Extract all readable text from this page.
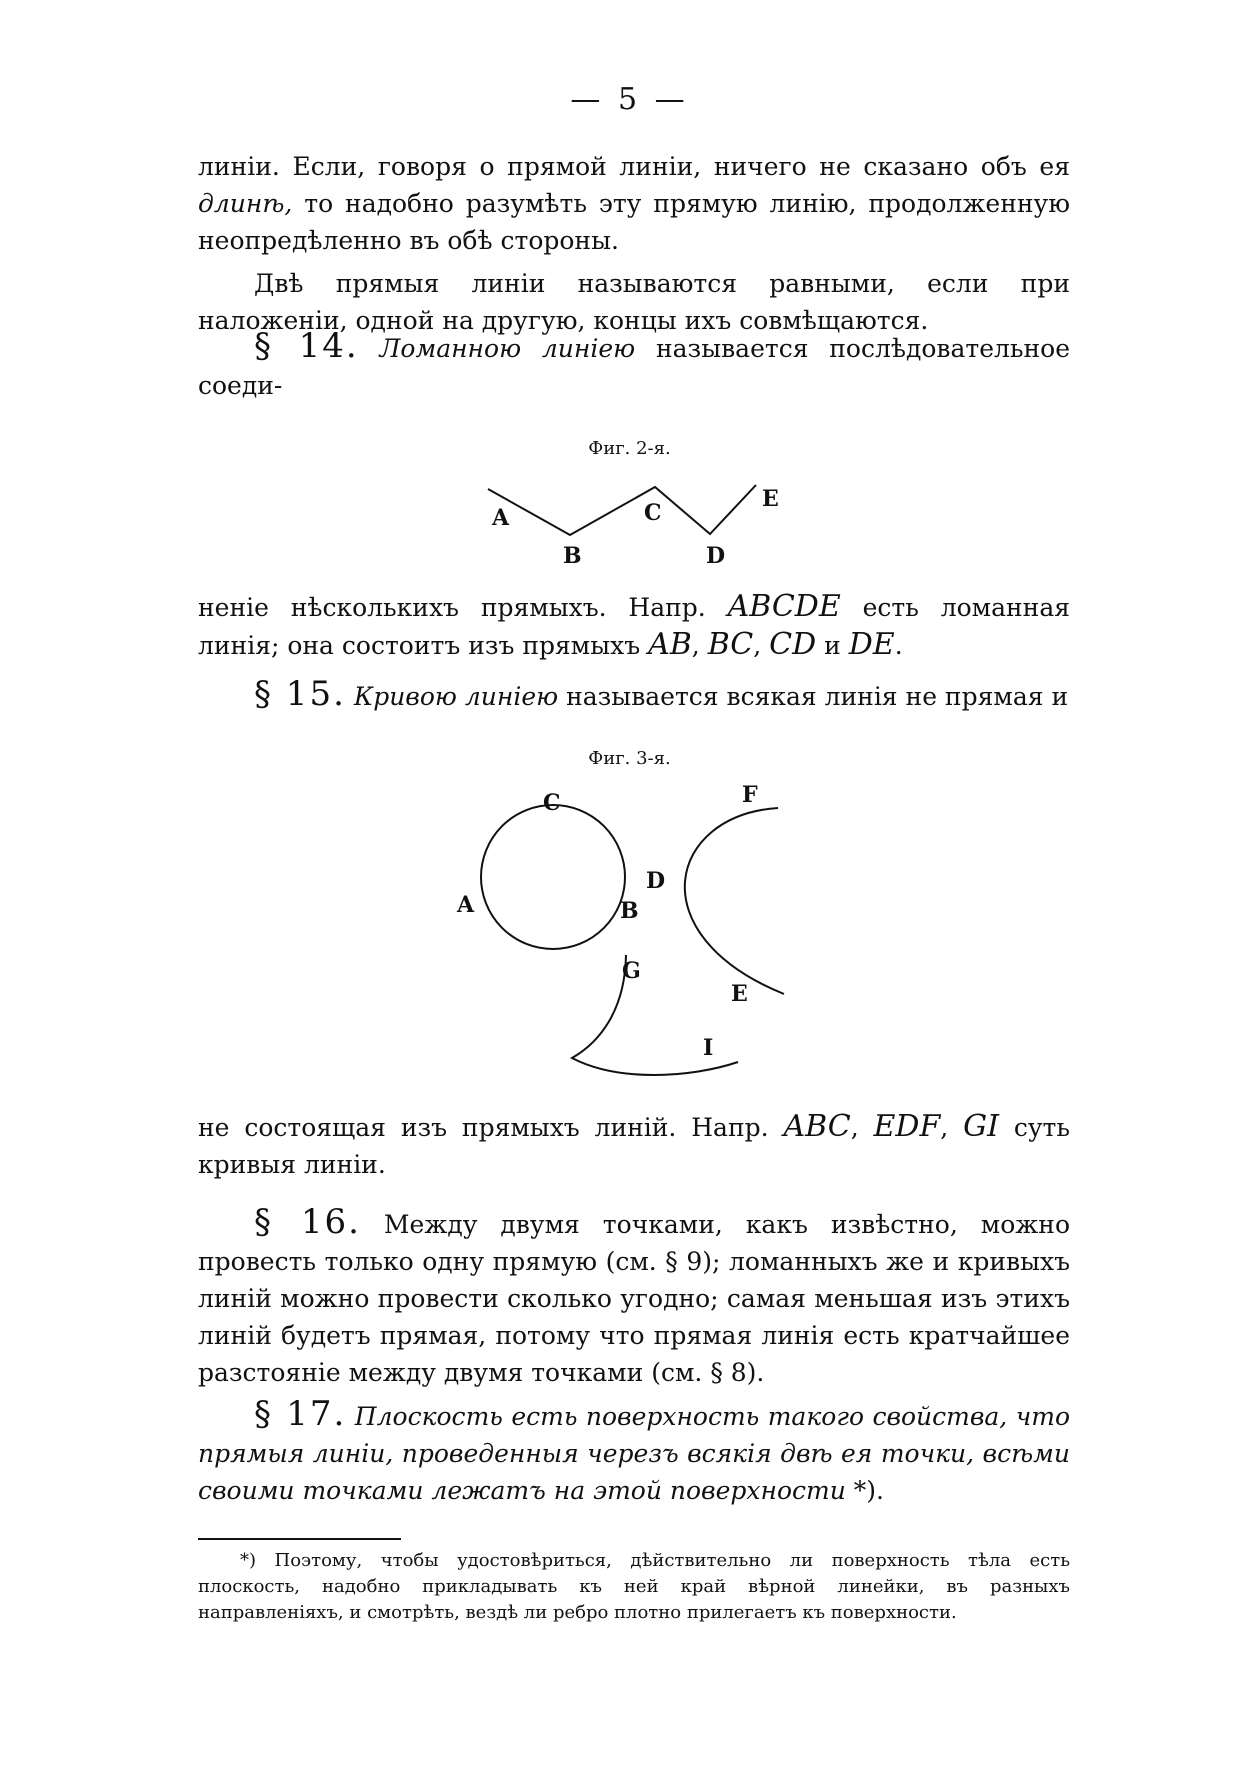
— 5 —

линіи. Если, говоря о прямой линіи, ничего не сказано объ ея длинѣ, то надобно разумѣть эту прямую линію, продолженную неопредѣленно въ обѣ стороны.

Двѣ прямыя линіи называются равными, если при наложеніи, одной на другую, концы ихъ совмѣщаются.

§ 14. Ломанною линіею называется послѣдовательное соеди-
Фиг. 2-я.
A
B
C
D
E
неніе нѣсколькихъ прямыхъ. Напр. ABCDE есть ломанная линія; она состоитъ изъ прямыхъ AB, BC, CD и DE.
§ 15. Кривою линіею называется всякая линія не прямая и
Фиг. 3-я.
C
A	B
D
F
E
G
I
не состоящая изъ прямыхъ линій. Напр. ABC, EDF, GI суть кривыя линіи.
§ 16. Между двумя точками, какъ извѣстно, можно провесть только одну прямую (см. § 9); ломанныхъ же и кривыхъ линій можно провести сколько угодно; самая меньшая изъ этихъ линій будетъ прямая, потому что прямая линія есть кратчайшее разстояніе между двумя точками (см. § 8).
§ 17. Плоскость есть поверхность такого свойства, что прямыя линіи, проведенныя черезъ всякія двѣ ея точки, всѣми своими точками лежатъ на этой поверхности *).

*) Поэтому, чтобы удостовѣриться, дѣйствительно ли поверхность тѣла есть плоскость, надобно прикладывать къ ней край вѣрной линейки, въ разныхъ направленіяхъ, и смотрѣть, вездѣ ли ребро плотно прилегаетъ къ поверхности.
